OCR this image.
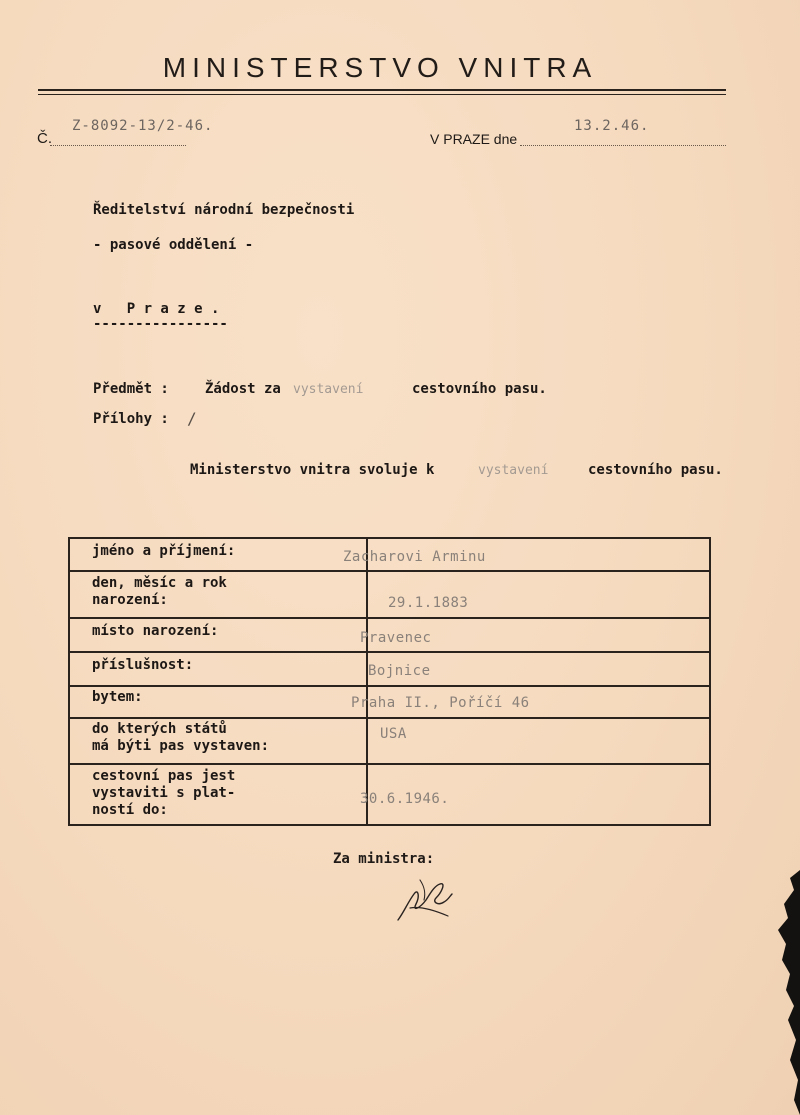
MINISTERSTVO VNITRA
Č.
Z-8092-13/2-46.
V PRAZE dne
13.2.46.
Ředitelství národní bezpečnosti
- pasové oddělení -
v   P r a z e .
----------------
Předmět :	Žádost za vystavení	cestovního pasu.
Přílohy : /
Ministerstvo vnitra svoluje k	vystavení	cestovního pasu.
jméno a příjmení:	Zacharovi Arminu
den, měsíc a rok
narození:	29.1.1883
místo narození:	Pravenec
příslušnost:	Bojnice
bytem:	Praha II., Poříčí 46
do kterých států
má býti pas vystaven:
USA
cestovní pas jest
vystaviti s plat-
ností do:
30.6.1946.
Za ministra:
